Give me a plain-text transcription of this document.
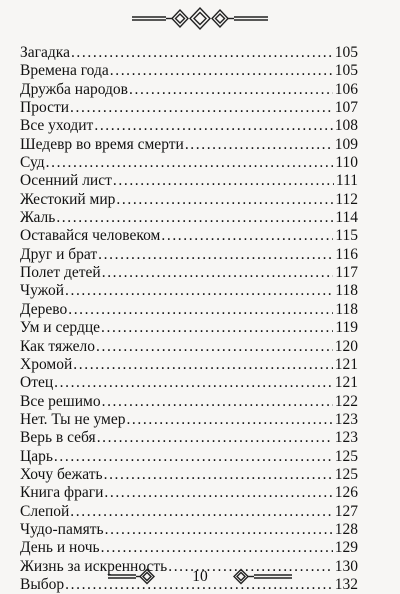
Загадка .....	105
Времена года .....	105
Дружба народов .....	106
Прости .....	107
Все уходит .....	108
Шедевр во время смерти .....	109
Суд .....	110
Осенний лист .....	111
Жестокий мир .....	112
Жаль .....	114
Оставайся человеком .....	115
Друг и брат .....	116
Полет детей .....	117
Чужой .....	118
Дерево .....	118
Ум и сердце .....	119
Как тяжело .....	120
Хромой .....	121
Отец .....	121
Все решимо .....	122
Нет. Ты не умер .....	123
Верь в себя .....	123
Царь .....	125
Хочу бежать .....	125
Книга фраги .....	126
Слепой .....	127
Чудо-память .....	128
День и ночь .....	129
Жизнь за искренность .....	130
Выбор .....	132
10
